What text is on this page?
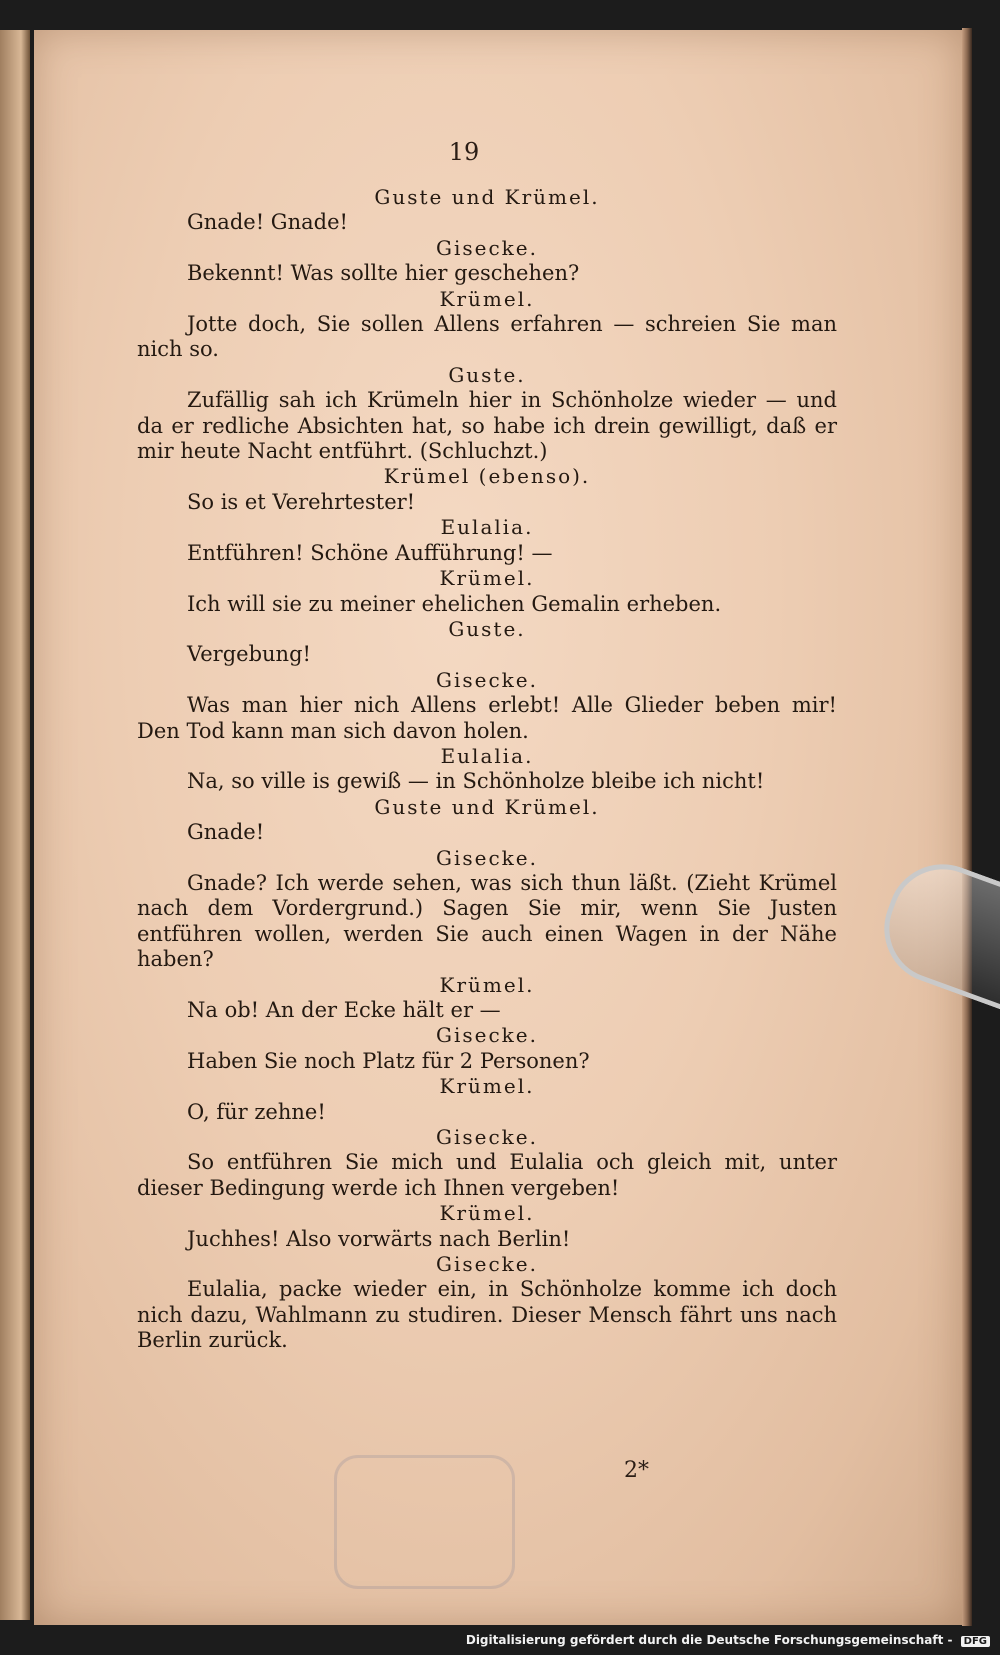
19
Guste und Krümel.
Gnade! Gnade!
Gisecke.
Bekennt! Was sollte hier geschehen?
Krümel.
Jotte doch, Sie sollen Allens erfahren — schreien Sie man nich so.
Guste.
Zufällig sah ich Krümeln hier in Schönholze wieder — und da er redliche Absichten hat, so habe ich drein gewilligt, daß er mir heute Nacht entführt. (Schluchzt.)
Krümel (ebenso).
So is et Verehrtester!
Eulalia.
Entführen! Schöne Aufführung! —
Krümel.
Ich will sie zu meiner ehelichen Gemalin erheben.
Guste.
Vergebung!
Gisecke.
Was man hier nich Allens erlebt! Alle Glieder beben mir! Den Tod kann man sich davon holen.
Eulalia.
Na, so ville is gewiß — in Schönholze bleibe ich nicht!
Guste und Krümel.
Gnade!
Gisecke.
Gnade? Ich werde sehen, was sich thun läßt. (Zieht Krümel nach dem Vordergrund.) Sagen Sie mir, wenn Sie Justen entführen wollen, werden Sie auch einen Wagen in der Nähe haben?
Krümel.
Na ob! An der Ecke hält er —
Gisecke.
Haben Sie noch Platz für 2 Personen?
Krümel.
O, für zehne!
Gisecke.
So entführen Sie mich und Eulalia och gleich mit, unter dieser Bedingung werde ich Ihnen vergeben!
Krümel.
Juchhes! Also vorwärts nach Berlin!
Gisecke.
Eulalia, packe wieder ein, in Schönholze komme ich doch nich dazu, Wahlmann zu studiren. Dieser Mensch fährt uns nach Berlin zurück.
2*
Digitalisierung gefördert durch die Deutsche Forschungsgemeinschaft - DFG
